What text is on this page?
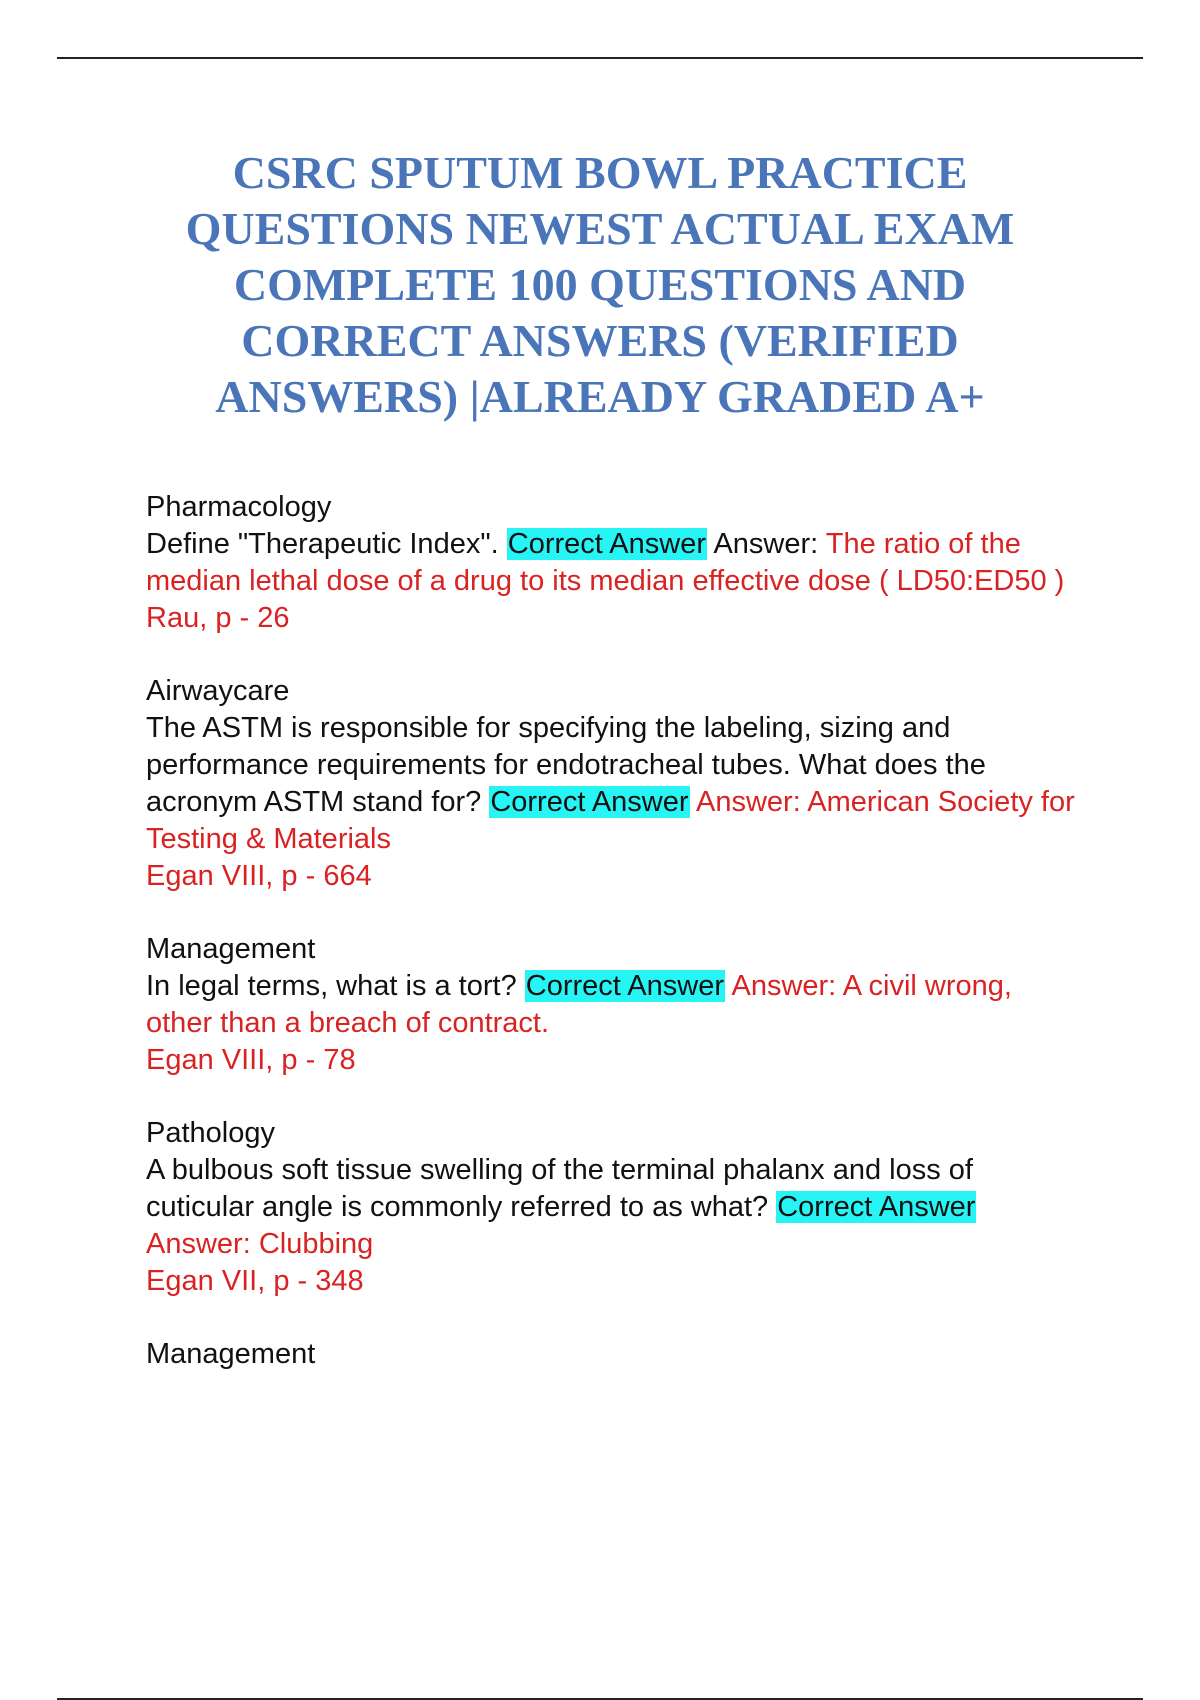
CSRC SPUTUM BOWL PRACTICE QUESTIONS NEWEST ACTUAL EXAM COMPLETE 100 QUESTIONS AND CORRECT ANSWERS (VERIFIED ANSWERS) |ALREADY GRADED A+
Pharmacology
Define "Therapeutic Index". Correct Answer Answer: The ratio of the median lethal dose of a drug to its median effective dose ( LD50:ED50 )
Rau, p - 26
Airwaycare
The ASTM is responsible for specifying the labeling, sizing and performance requirements for endotracheal tubes. What does the acronym ASTM stand for? Correct Answer Answer: American Society for Testing & Materials
Egan VIII, p - 664
Management
In legal terms, what is a tort? Correct Answer Answer: A civil wrong, other than a breach of contract.
Egan VIII, p - 78
Pathology
A bulbous soft tissue swelling of the terminal phalanx and loss of cuticular angle is commonly referred to as what? Correct Answer Answer: Clubbing
Egan VII, p - 348
Management
